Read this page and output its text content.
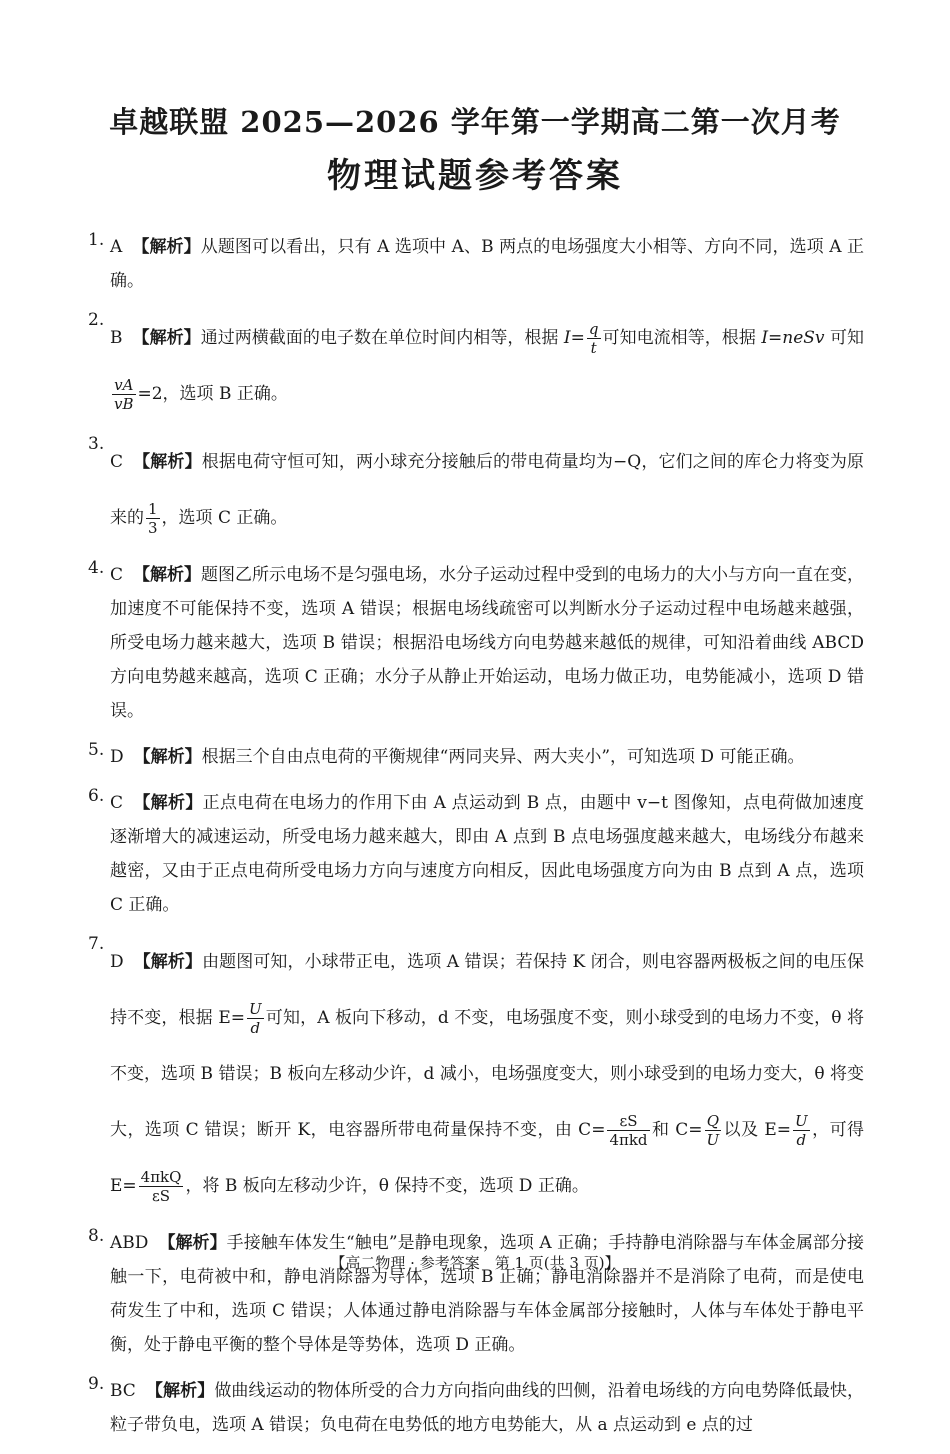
卓越联盟 2025—2026 学年第一学期高二第一次月考
物理试题参考答案
1. A 【解析】从题图可以看出，只有 A 选项中 A、B 两点的电场强度大小相等、方向不同，选项 A 正确。

2.

B 【解析】通过两横截面的电子数在单位时间内相等，根据 $I= \frac{q}{t}$ 可知电流相等，根据 I=neSv 可知
$\frac{vA}{vB} =2$，选项 B 正确。

3.

C 【解析】根据电荷守恒可知，两小球充分接触后的带电荷量均为−Q，它们之间的库仑力将变为原来的 $\frac{1}{3}$ ，选项 C 正确。

4. C 【解析】题图乙所示电场不是匀强电场，水分子运动过程中受到的电场力的大小与方向一直在变，加速度不可能保持不变，选项 A 错误；根据电场线疏密可以判断水分子运动过程中电场越来越强，所受电场力越来越大，选项 B 错误；根据沿电场线方向电势越来越低的规律，可知沿着曲线 ABCD 方向电势越来越高，选项 C 正确；水分子从静止开始运动，电场力做正功，电势能减小，选项 D 错误。

5. D 【解析】根据三个自由点电荷的平衡规律“两同夹异、两大夹小”，可知选项 D 可能正确。

6. C 【解析】正点电荷在电场力的作用下由 A 点运动到 B 点，由题中 v−t 图像知，点电荷做加速度逐渐增大的减速运动，所受电场力越来越大，即由 A 点到 B 点电场强度越来越大，电场线分布越来越密，又由于正点电荷所受电场力方向与速度方向相反，因此电场强度方向为由 B 点到 A 点，选项 C 正确。

7.

D 【解析】由题图可知，小球带正电，选项 A 错误；若保持 K 闭合，则电容器两极板之间的电压保持不变，根据 $E= \frac{U}{d}$ 可知，A 板向下移动，d 不变，电场强度不变，则小球受到的电场力不变，θ 将不变，选项 B 错误；B 板向左移动少许，d 减小，电场强度变大，则小球受到的电场力变大，θ 将变大，选项 C 错误；断开 K，电容器所带电荷量保持不变，由 $C= \frac{\varepsilon S}{\text{4πkd}}$ 和 $C= \frac{Q}{U}$ 以及 $E= \frac{U}{d}$ ，可得 $E= \frac{\text{4πkQ}}{\varepsilon S}$ ，将 B 板向左移动少许，θ 保持不变，选项 D 正确。

8. ABD 【解析】手接触车体发生“触电”是静电现象，选项 A 正确；手持静电消除器与车体金属部分接触一下，电荷被中和，静电消除器为导体，选项 B 正确；静电消除器并不是消除了电荷，而是使电荷发生了中和，选项 C 错误；人体通过静电消除器与车体金属部分接触时，人体与车体处于静电平衡，处于静电平衡的整个导体是等势体，选项 D 正确。

9. BC 【解析】做曲线运动的物体所受的合力方向指向曲线的凹侧，沿着电场线的方向电势降低最快，粒子带负电，选项 A 错误；负电荷在电势低的地方电势能大，从 a 点运动到 e 点的过

【高二物理 · 参考答案　第 1 页(共 3 页)】
